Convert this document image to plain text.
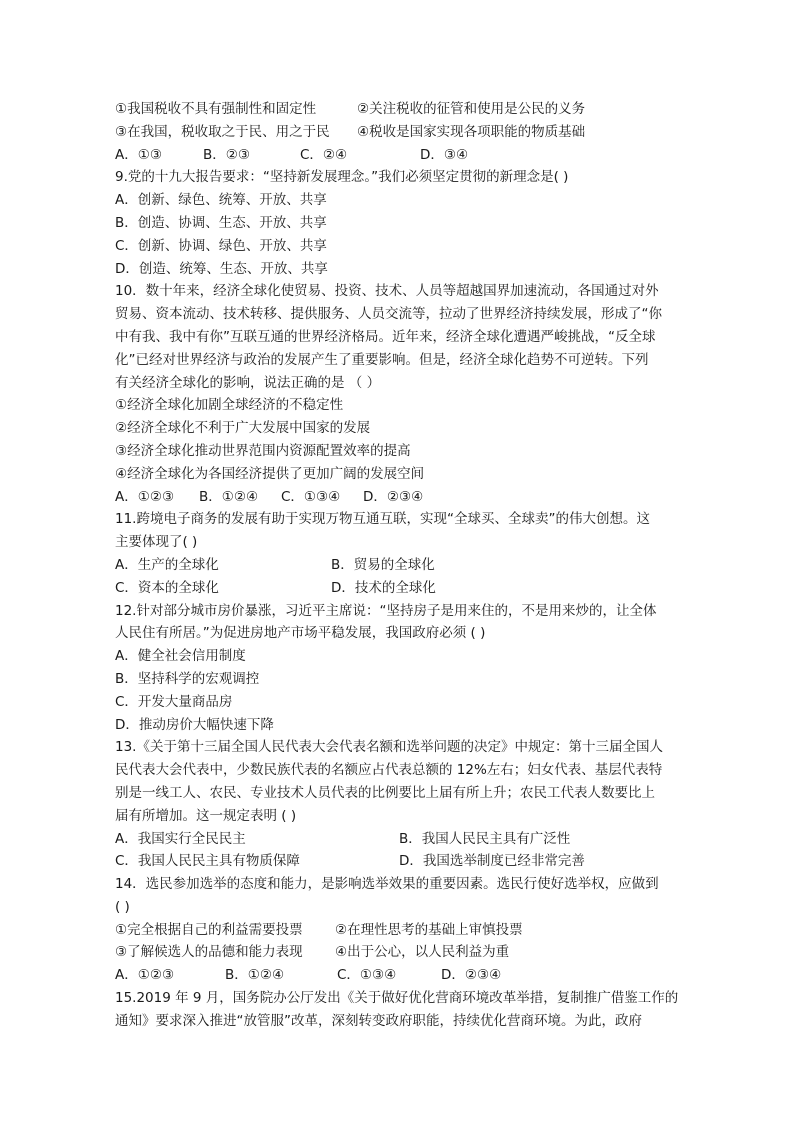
①我国税收不具有强制性和固定性	②关注税收的征管和使用是公民的义务
③在我国，税收取之于民、用之于民	④税收是国家实现各项职能的物质基础
A．①③	B．②③	C．②④	D．③④
9.党的十九大报告要求：“坚持新发展理念。”我们必须坚定贯彻的新理念是( )
A．创新、绿色、统筹、开放、共享
B．创造、协调、生态、开放、共享
C．创新、协调、绿色、开放、共享
D．创造、统筹、生态、开放、共享
10．数十年来，经济全球化使贸易、投资、技术、人员等超越国界加速流动，各国通过对外
贸易、资本流动、技术转移、提供服务、人员交流等，拉动了世界经济持续发展，形成了“你
中有我、我中有你”互联互通的世界经济格局。近年来，经济全球化遭遇严峻挑战，“反全球
化”已经对世界经济与政治的发展产生了重要影响。但是，经济全球化趋势不可逆转。下列
有关经济全球化的影响，说法正确的是 （ ）
①经济全球化加剧全球经济的不稳定性
②经济全球化不利于广大发展中国家的发展
③经济全球化推动世界范围内资源配置效率的提高
④经济全球化为各国经济提供了更加广阔的发展空间
A．①②③	B．①②④	C．①③④	D．②③④
11.跨境电子商务的发展有助于实现万物互通互联，实现“全球买、全球卖”的伟大创想。这
主要体现了( )
A．生产的全球化	B．贸易的全球化
C．资本的全球化	D．技术的全球化
12.针对部分城市房价暴涨，习近平主席说：“坚持房子是用来住的，不是用来炒的，让全体
人民住有所居。”为促进房地产市场平稳发展，我国政府必须 ( )
A．健全社会信用制度
B．坚持科学的宏观调控
C．开发大量商品房
D．推动房价大幅快速下降
13.《关于第十三届全国人民代表大会代表名额和选举问题的决定》中规定：第十三届全国人
民代表大会代表中，少数民族代表的名额应占代表总额的 12%左右；妇女代表、基层代表特
别是一线工人、农民、专业技术人员代表的比例要比上届有所上升；农民工代表人数要比上
届有所增加。这一规定表明 ( )
A．我国实行全民民主	B．我国人民民主具有广泛性
C．我国人民民主具有物质保障	D．我国选举制度已经非常完善
14．选民参加选举的态度和能力，是影响选举效果的重要因素。选民行使好选举权，应做到
( )
①完全根据自己的利益需要投票	②在理性思考的基础上审慎投票
③了解候选人的品德和能力表现	④出于公心，以人民利益为重
A．①②③	B．①②④	C．①③④	D．②③④
15.2019 年 9 月，国务院办公厅发出《关于做好优化营商环境改革举措，复制推广借鉴工作的
通知》要求深入推进“放管服”改革，深刻转变政府职能，持续优化营商环境。为此，政府
